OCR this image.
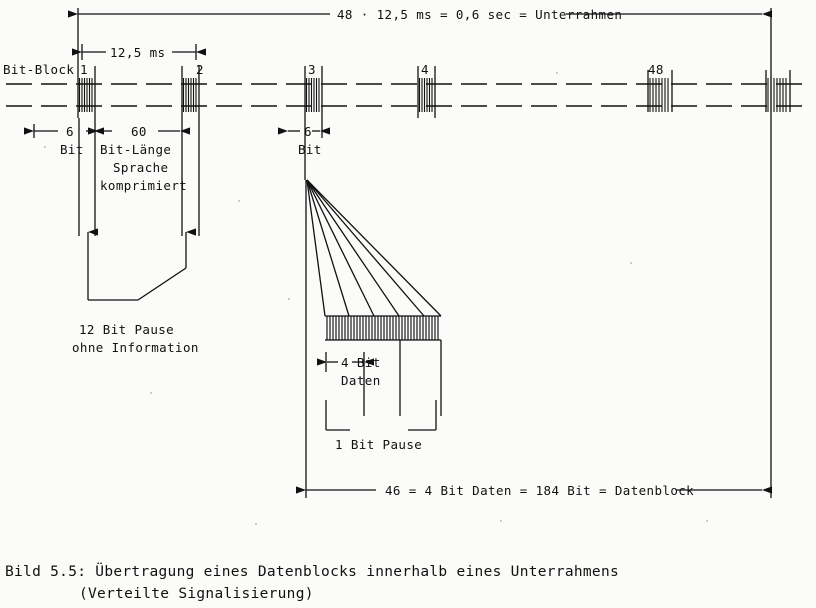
48 · 12,5 ms = 0,6 sec = Unterrahmen
12,5 ms
Bit-Block 1	2	3	4	48
6
Bit
60
Bit-Länge
Sprache
komprimiert
6
Bit
12 Bit Pause
ohne Information
4 Bit
Daten
1 Bit Pause
46 = 4 Bit Daten = 184 Bit = Datenblock
Bild 5.5: Übertragung eines Datenblocks innerhalb eines Unterrahmens
(Verteilte Signalisierung)
